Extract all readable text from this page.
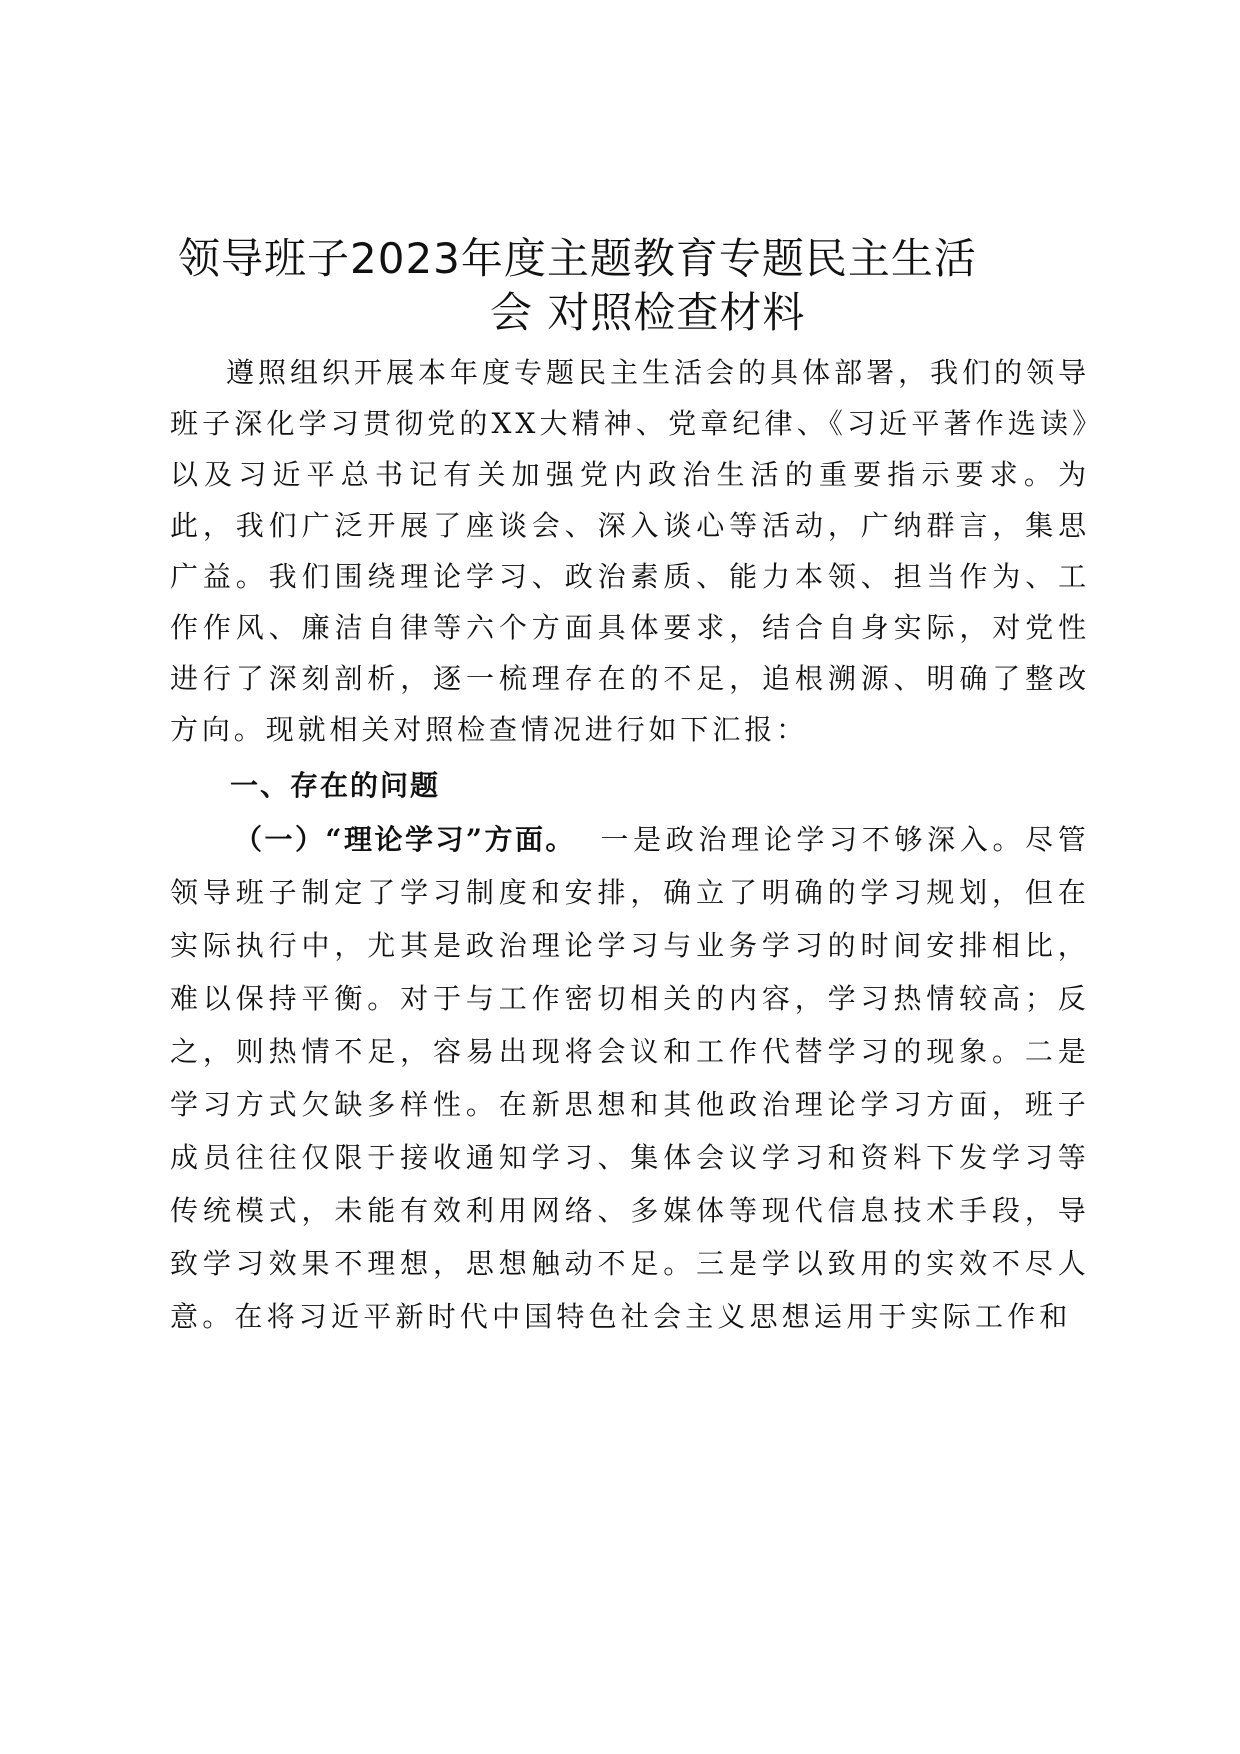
领导班子2023年度主题教育专题民主生活
会 对照检查材料

遵照组织开展本年度专题民主生活会的具体部署，我们的领导班子深化学习贯彻党的XX大精神、党章纪律、《习近平著作选读》以及习近平总书记有关加强党内政治生活的重要指示要求。为此，我们广泛开展了座谈会、深入谈心等活动，广纳群言，集思广益。我们围绕理论学习、政治素质、能力本领、担当作为、工作作风、廉洁自律等六个方面具体要求，结合自身实际，对党性进行了深刻剖析，逐一梳理存在的不足，追根溯源、明确了整改方向。现就相关对照检查情况进行如下汇报：

一、存在的问题

（一）“理论学习”方面。 一是政治理论学习不够深入。尽管领导班子制定了学习制度和安排，确立了明确的学习规划，但在实际执行中，尤其是政治理论学习与业务学习的时间安排相比，难以保持平衡。对于与工作密切相关的内容，学习热情较高；反之，则热情不足，容易出现将会议和工作代替学习的现象。二是学习方式欠缺多样性。在新思想和其他政治理论学习方面，班子成员往往仅限于接收通知学习、集体会议学习和资料下发学习等传统模式，未能有效利用网络、多媒体等现代信息技术手段，导致学习效果不理想，思想触动不足。三是学以致用的实效不尽人意。在将习近平新时代中国特色社会主义思想运用于实际工作和
